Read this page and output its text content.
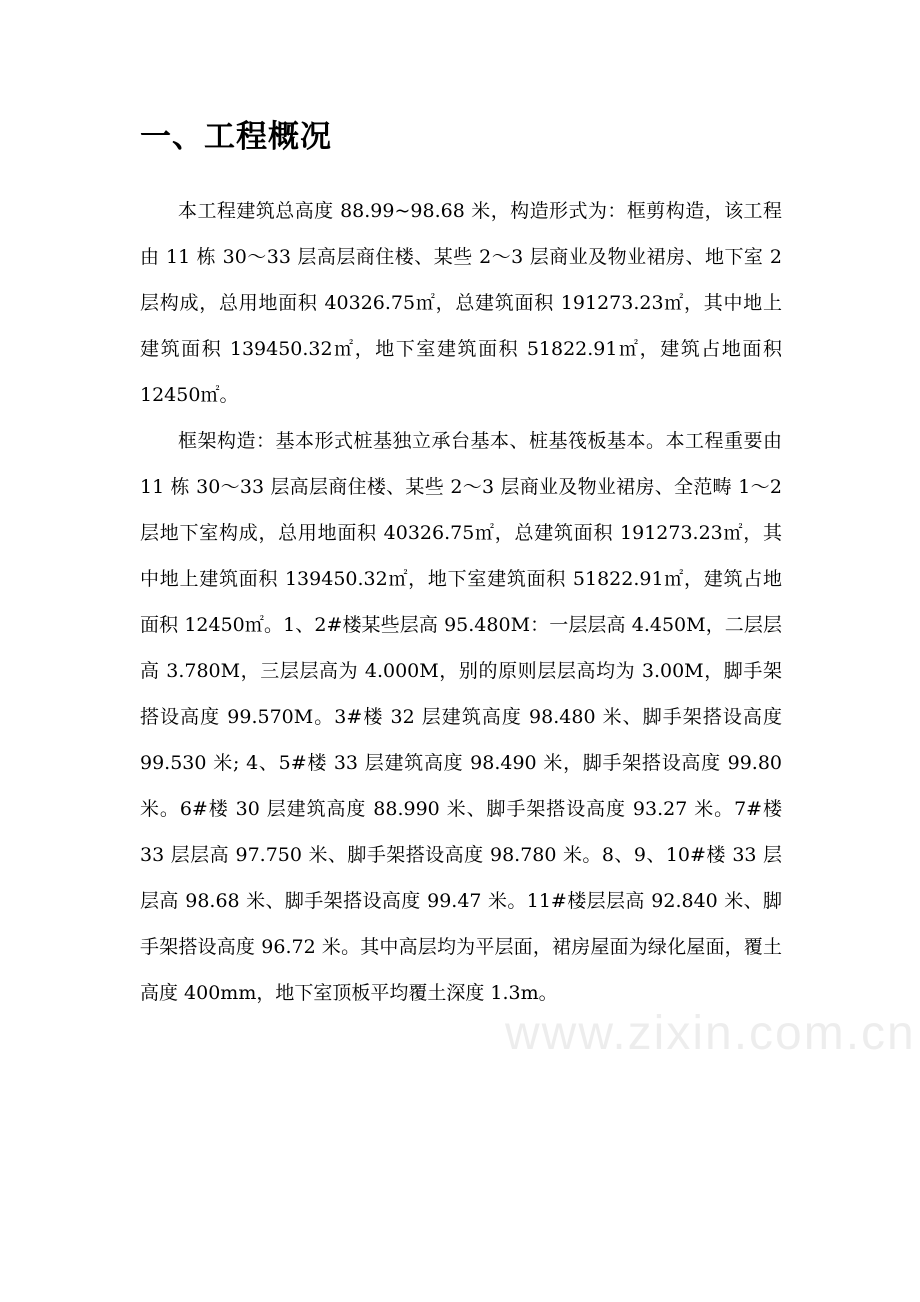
一、工程概况

本工程建筑总高度 88.99~98.68 米，构造形式为：框剪构造，该工程由 11 栋 30～33 层高层商住楼、某些 2～3 层商业及物业裙房、地下室 2 层构成，总用地面积 40326.75㎡，总建筑面积 191273.23㎡，其中地上建筑面积 139450.32㎡，地下室建筑面积 51822.91㎡，建筑占地面积 12450㎡。

框架构造：基本形式桩基独立承台基本、桩基筏板基本。本工程重要由 11 栋 30～33 层高层商住楼、某些 2～3 层商业及物业裙房、全范畴 1～2 层地下室构成，总用地面积 40326.75㎡，总建筑面积 191273.23㎡，其中地上建筑面积 139450.32㎡，地下室建筑面积 51822.91㎡，建筑占地面积 12450㎡。1、2#楼某些层高 95.480M：一层层高 4.450M，二层层高 3.780M，三层层高为 4.000M，别的原则层层高均为 3.00M，脚手架搭设高度 99.570M。3#楼 32 层建筑高度 98.480 米、脚手架搭设高度 99.530 米; 4、5#楼 33 层建筑高度 98.490 米，脚手架搭设高度 99.80 米。6#楼 30 层建筑高度 88.990 米、脚手架搭设高度 93.27 米。7#楼 33 层层高 97.750 米、脚手架搭设高度 98.780 米。8、9、10#楼 33 层层高 98.68 米、脚手架搭设高度 99.47 米。11#楼层层高 92.840 米、脚手架搭设高度 96.72 米。其中高层均为平层面，裙房屋面为绿化屋面，覆土高度 400mm，地下室顶板平均覆土深度 1.3m。

www.zixin.com.cn
